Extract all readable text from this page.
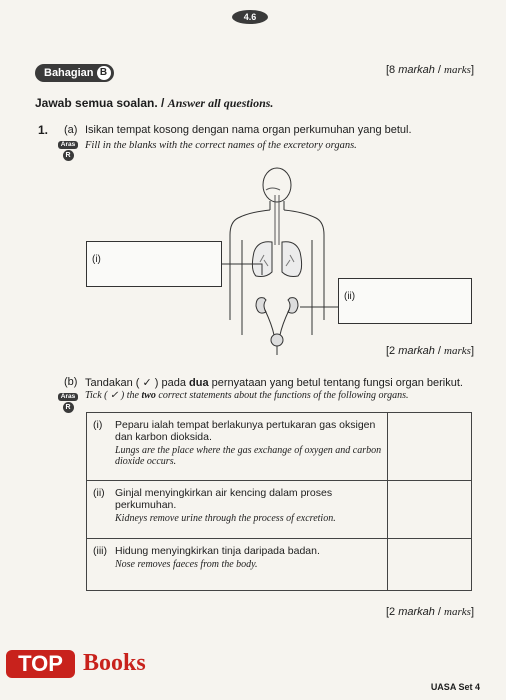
4.6
Bahagian B	[8 markah / marks]
Jawab semua soalan. / Answer all questions.
1. (a) Isikan tempat kosong dengan nama organ perkumuhan yang betul.
Fill in the blanks with the correct names of the excretory organs.
Aras
R
(i)
(ii)
[2 markah / marks]
(b) Tandakan ( ✓ ) pada dua pernyataan yang betul tentang fungsi organ berikut.
Tick ( ✓ ) the two correct statements about the functions of the following organs.
Aras
R
(i) Peparu ialah tempat berlakunya pertukaran gas oksigen dan karbon dioksida.
Lungs are the place where the gas exchange of oxygen and carbon dioxide occurs.	

(ii) Ginjal menyingkirkan air kencing dalam proses perkumuhan.
Kidneys remove urine through the process of excretion.	

(iii) Hidung menyingkirkan tinja daripada badan.
Nose removes faeces from the body.	

[2 markah / marks]
TOP Books
UASA Set 4
